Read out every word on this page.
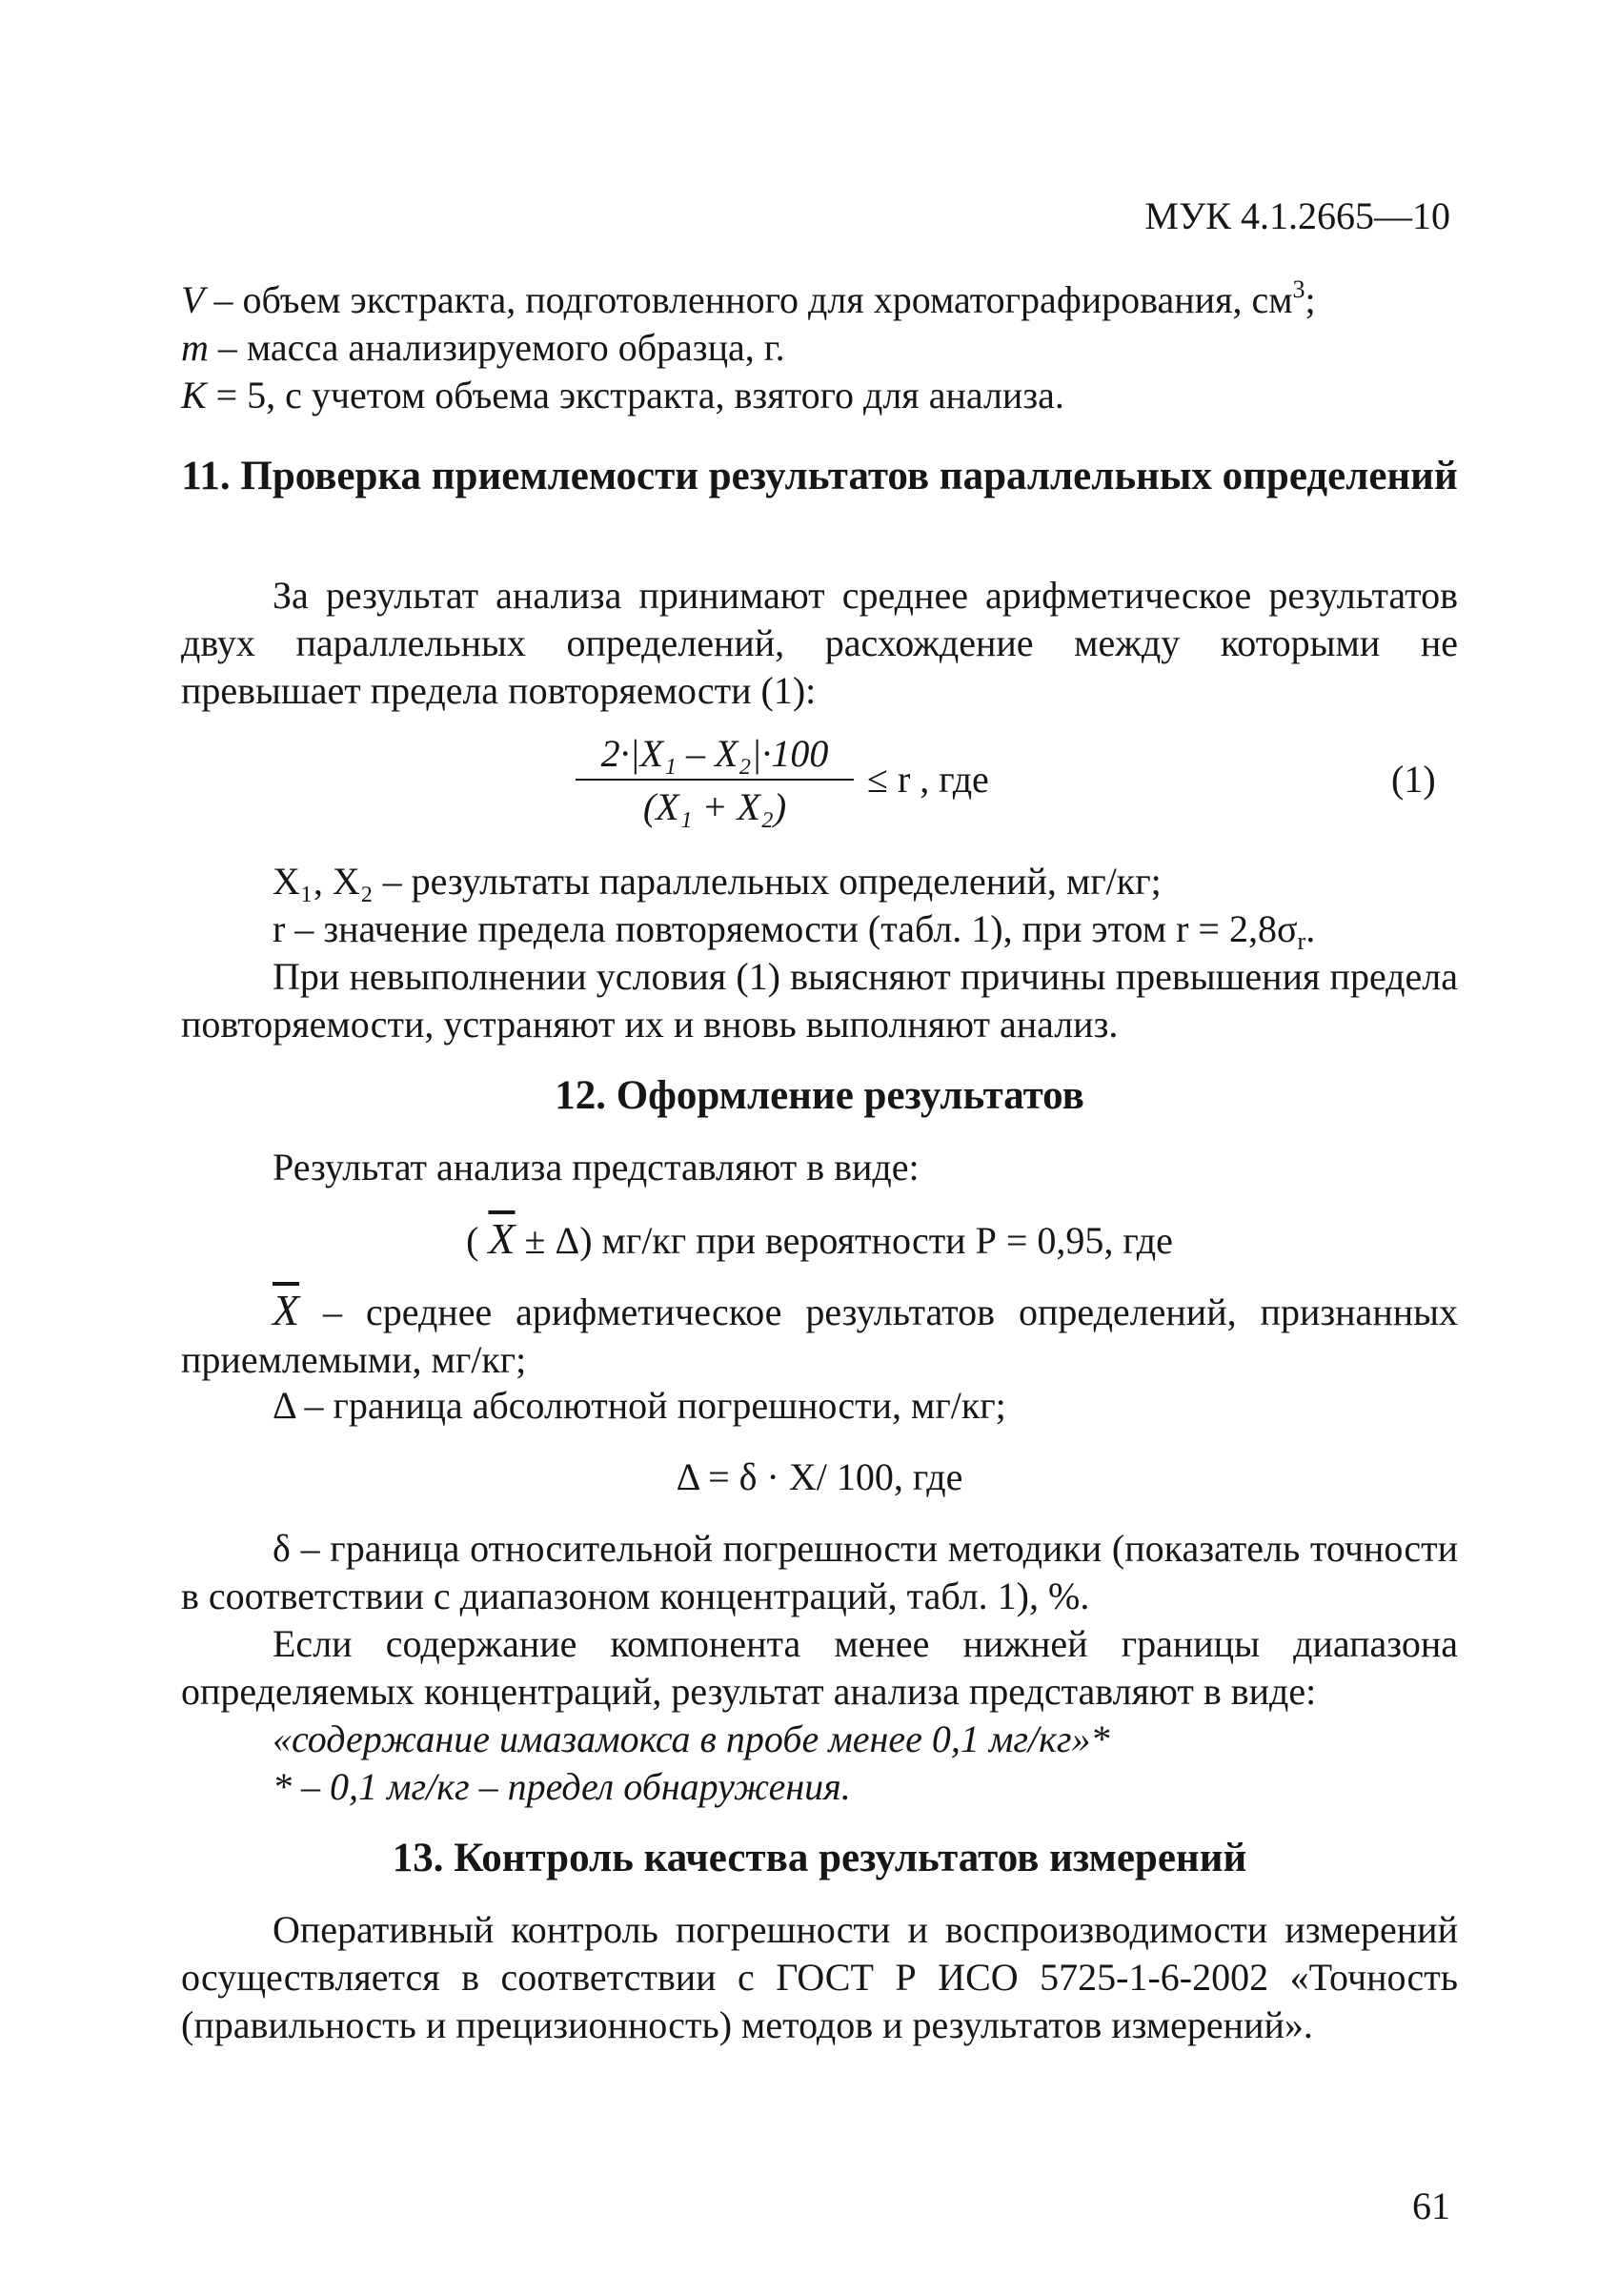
МУК 4.1.2665—10
V – объем экстракта, подготовленного для хроматографирования, $см^3$;
m – масса анализируемого образца, г.
К = 5, с учетом объема экстракта, взятого для анализа.
11. Проверка приемлемости результатов параллельных определений
За результат анализа принимают среднее арифметическое результатов двух параллельных определений, расхождение между которыми не превышает предела повторяемости (1):
2·|X₁ – X₂|·100
(X₁ + X₂)
≤ r , где	(1)
X₁, X₂ – результаты параллельных определений, мг/кг;
r – значение предела повторяемости (табл. 1), при этом $r = 2,8\sigma_r$.
При невыполнении условия (1) выясняют причины превышения предела повторяемости, устраняют их и вновь выполняют анализ.
12. Оформление результатов
Результат анализа представляют в виде:
( $\overline{X} \pm \Delta$) мг/кг при вероятности Р = 0,95, где
$\overline{X}$ – среднее арифметическое результатов определений, признанных приемлемыми, мг/кг;
Δ – граница абсолютной погрешности, мг/кг;
Δ = δ · X/ 100, где
δ – граница относительной погрешности методики (показатель точности в соответствии с диапазоном концентраций, табл. 1), %.
Если содержание компонента менее нижней границы диапазона определяемых концентраций, результат анализа представляют в виде:
«содержание имазамокса в пробе менее 0,1 мг/кг»*
* – 0,1 мг/кг – предел обнаружения.
13. Контроль качества результатов измерений
Оперативный контроль погрешности и воспроизводимости измерений осуществляется в соответствии с ГОСТ Р ИСО 5725-1-6-2002 «Точность (правильность и прецизионность) методов и результатов измерений».
61
